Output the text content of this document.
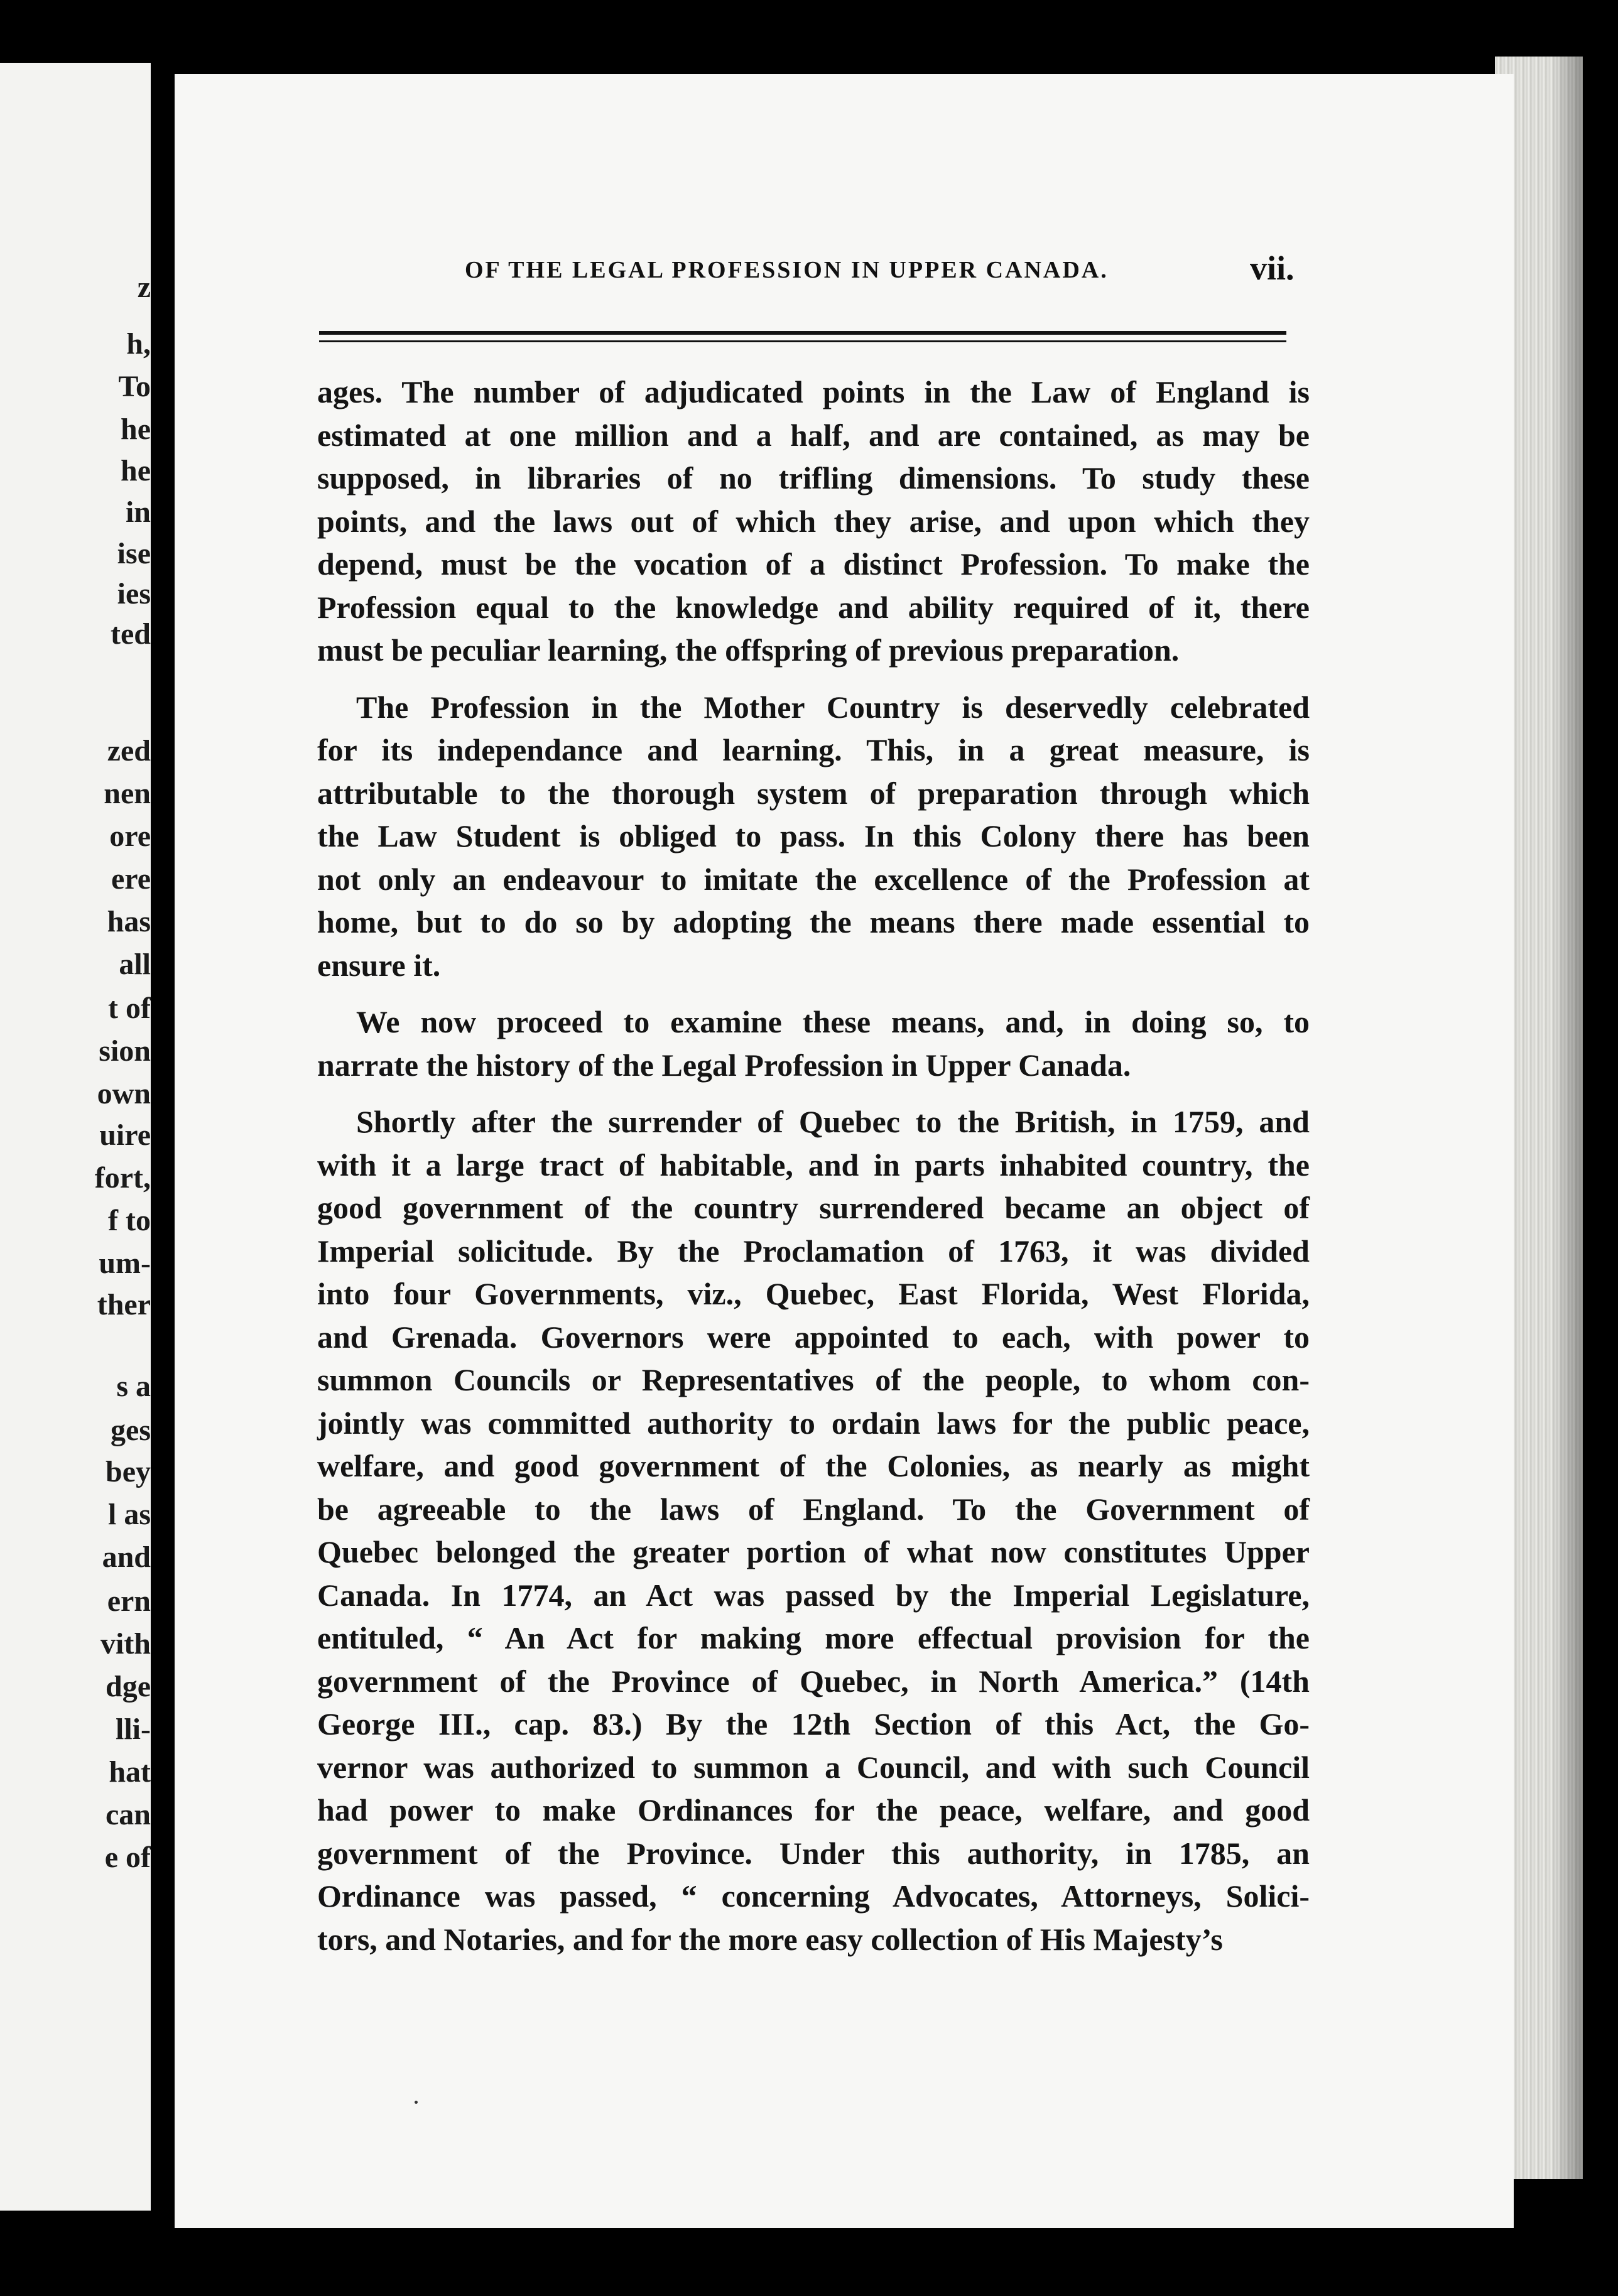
z
h,
To
he
he
in
ise
ies
ted
zed
nen
ore
ere
has
all
t of
sion
own
uire
fort,
f to
um-
ther
s a
ges
bey
l as
and
ern
vith
dge
lli-
hat
can
e of
OF THE LEGAL PROFESSION IN UPPER CANADA.	vii.
ages. The number of adjudicated points in the Law of England is
estimated at one million and a half, and are contained, as may be
supposed, in libraries of no trifling dimensions. To study these
points, and the laws out of which they arise, and upon which they
depend, must be the vocation of a distinct Profession. To make the
Profession equal to the knowledge and ability required of it, there
must be peculiar learning, the offspring of previous preparation.
The Profession in the Mother Country is deservedly celebrated
for its independance and learning. This, in a great measure, is
attributable to the thorough system of preparation through which
the Law Student is obliged to pass. In this Colony there has been
not only an endeavour to imitate the excellence of the Profession at
home, but to do so by adopting the means there made essential to
ensure it.
We now proceed to examine these means, and, in doing so, to
narrate the history of the Legal Profession in Upper Canada.
Shortly after the surrender of Quebec to the British, in 1759, and
with it a large tract of habitable, and in parts inhabited country, the
good government of the country surrendered became an object of
Imperial solicitude. By the Proclamation of 1763, it was divided
into four Governments, viz., Quebec, East Florida, West Florida,
and Grenada. Governors were appointed to each, with power to
summon Councils or Representatives of the people, to whom con-
jointly was committed authority to ordain laws for the public peace,
welfare, and good government of the Colonies, as nearly as might
be agreeable to the laws of England. To the Government of
Quebec belonged the greater portion of what now constitutes Upper
Canada. In 1774, an Act was passed by the Imperial Legislature,
entituled, “ An Act for making more effectual provision for the
government of the Province of Quebec, in North America.” (14th
George III., cap. 83.) By the 12th Section of this Act, the Go-
vernor was authorized to summon a Council, and with such Council
had power to make Ordinances for the peace, welfare, and good
government of the Province. Under this authority, in 1785, an
Ordinance was passed, “ concerning Advocates, Attorneys, Solici-
tors, and Notaries, and for the more easy collection of His Majesty’s
